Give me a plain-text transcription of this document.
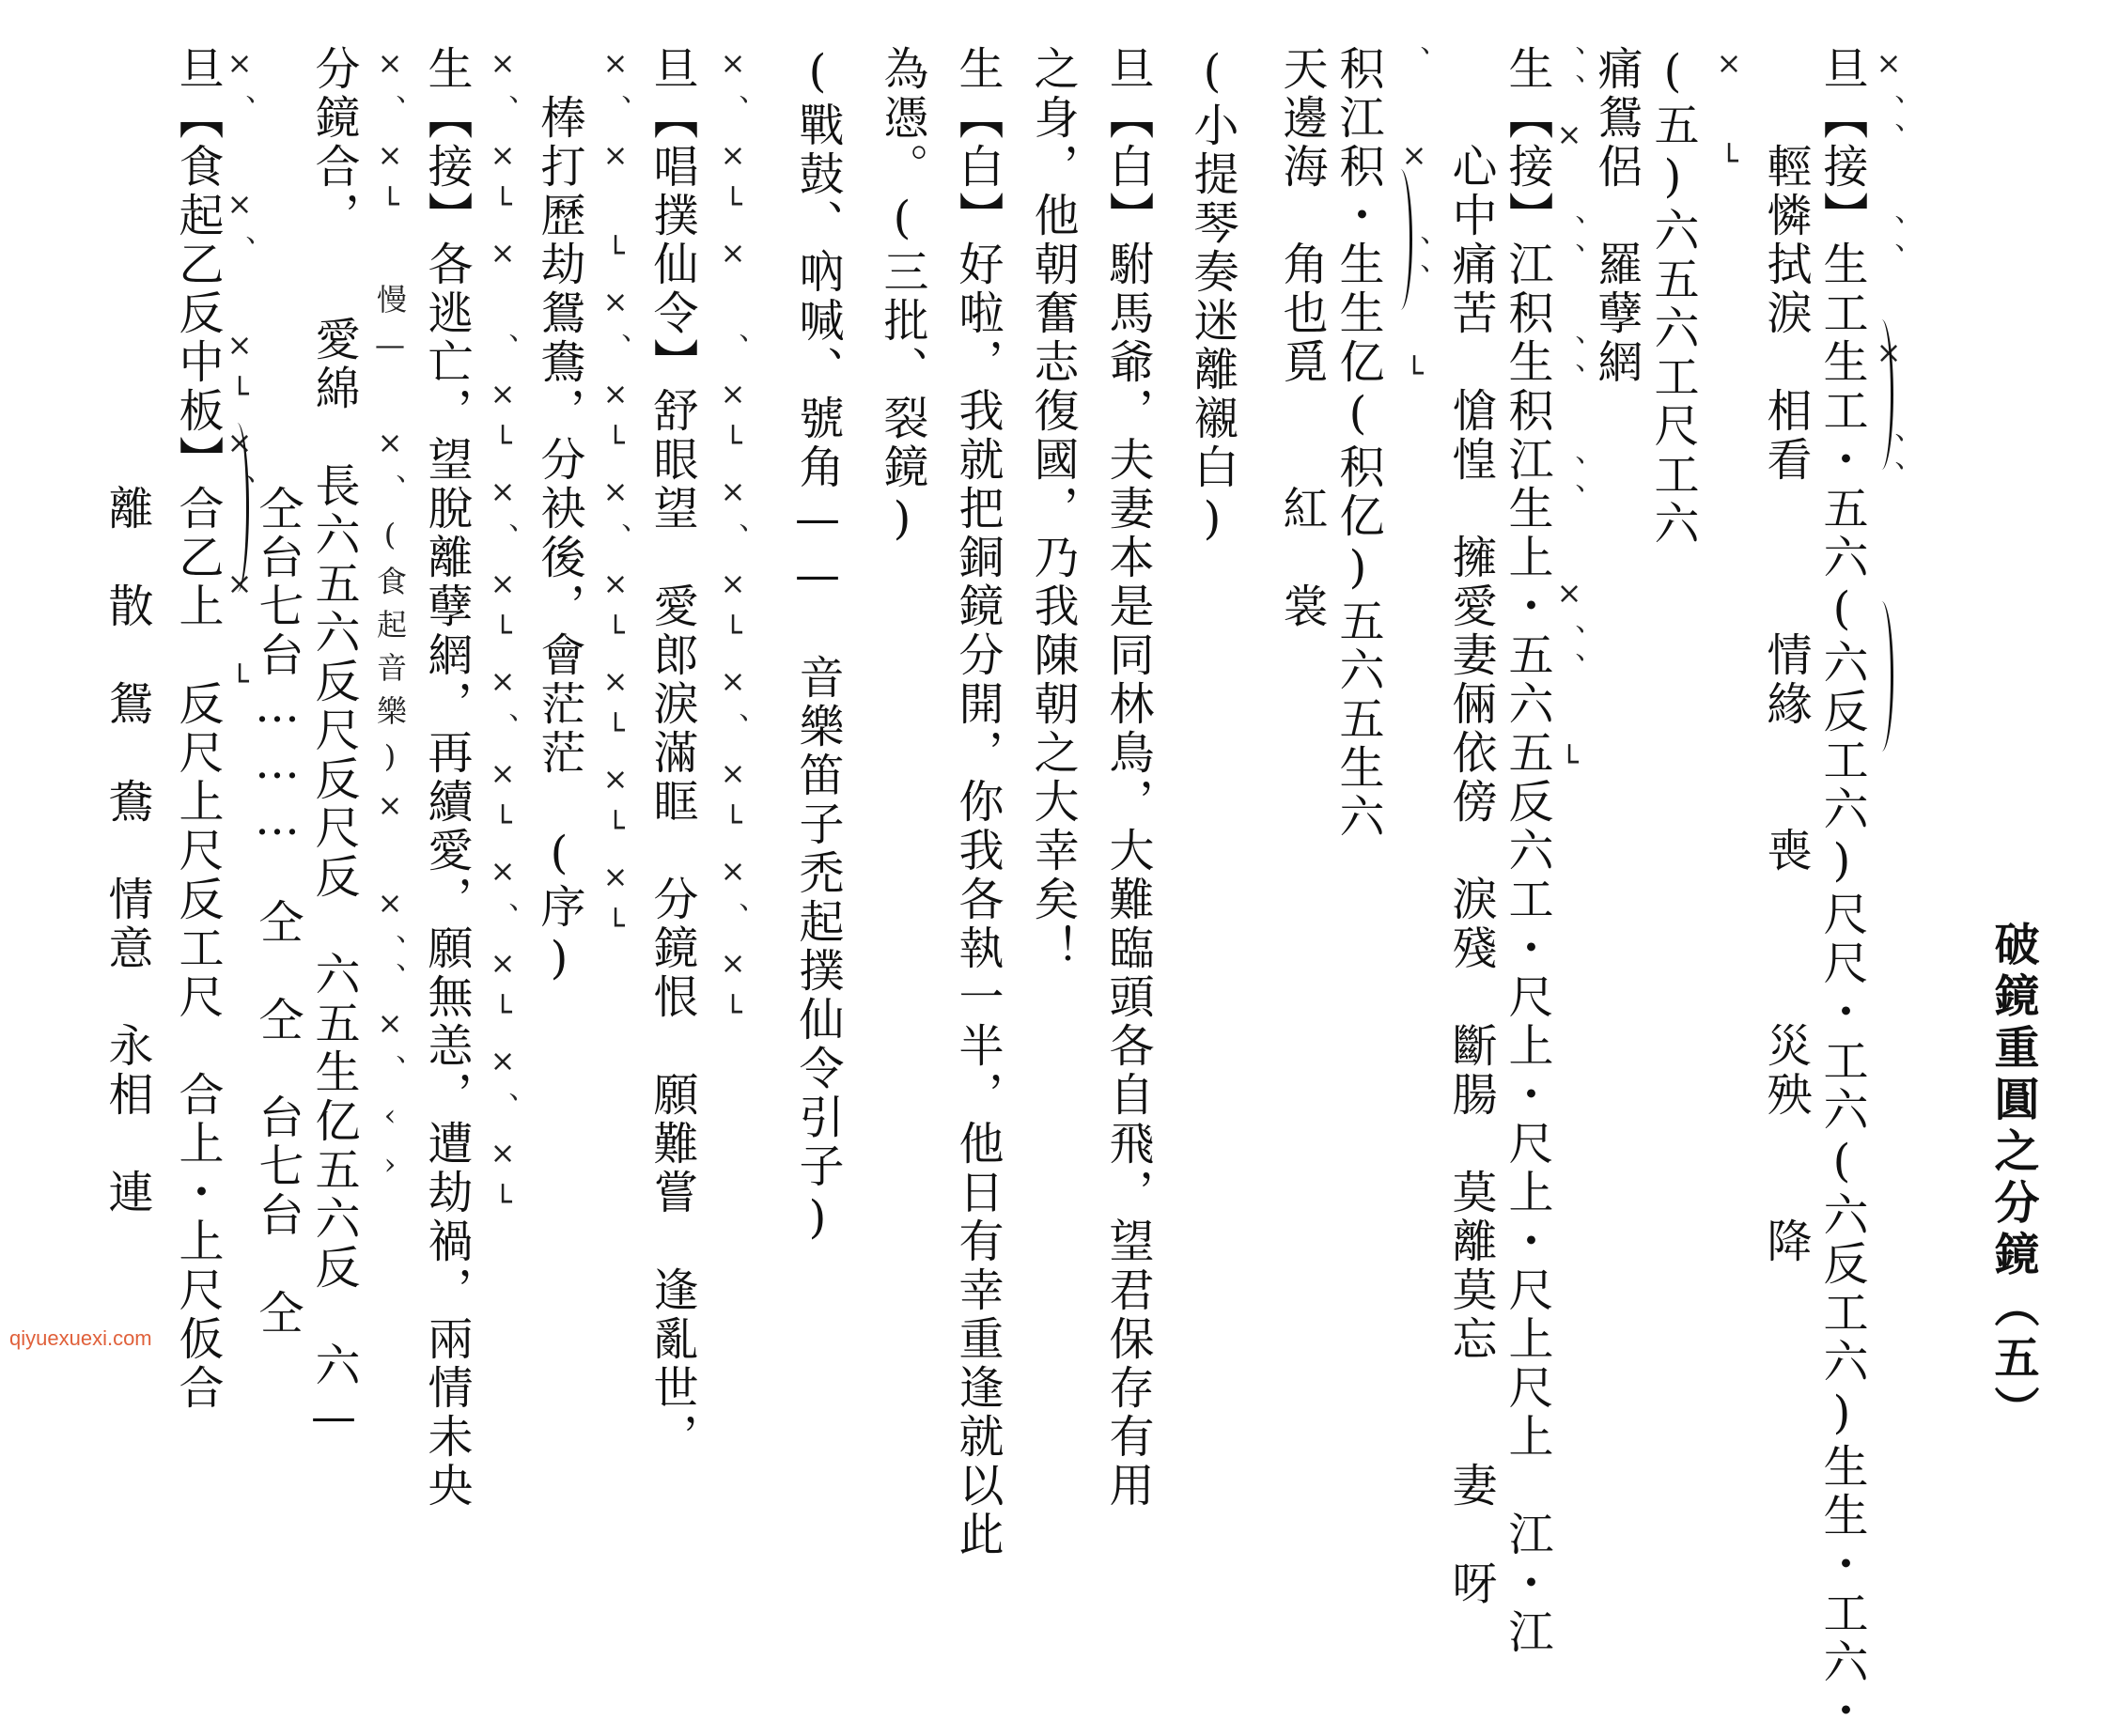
破鏡重圓之分鏡（五）
旦【接】生工生工・五六(六反工六)尺尺・工六(六反工六)生生・工六・ ×、、 、、 × 、、
　　輕憐拭淚　相看　　　情緣　　喪　　　災殃　　降
× └
(五)六五六工尺工六
痛鴛侶　羅孽網
生【接】江积生积江生上・五六五反六工・尺上・尺上・尺上尺上　江・江
、、× 、、 、、 、、 ×、、 └
　　心中痛苦　愴惶　擁愛妻倆依傍　淚殘　斷腸　莫離莫忘　　妻　呀
、 × 、、 └
积江积・生生亿(积亿)五六五生六
天邊海　角也覓　　紅　裳
(小提琴奏迷離襯白)
旦【白】駙馬爺，夫妻本是同林鳥，大難臨頭各自飛，望君保存有用
之身，他朝奮志復國，乃我陳朝之大幸矣！
生【白】好啦，我就把銅鏡分開，你我各執一半，他日有幸重逢就以此
為憑。(三批、裂鏡)
(戰鼓、吶喊、號角——　音樂笛子禿起撲仙令引子)
×、×└× 、×└×、×└×、×└×、×└
旦【唱撲仙令】舒眼望　愛郎淚滿眶　分鏡恨　願難嘗　逢亂世，
×、× └×、×└×、×└×└×└×└
　棒打歷劫鴛鴦，分袂後，會茫茫　(序)
×、×└× 、×└×、×└×、×└×、×└×、×└
生【接】各逃亡，望脫離孽網，再續愛，願無恙，遭劫禍，兩情未央
×、×└ 慢— ×、(食起音樂)× ×、、×、‹›
分鏡合，　　愛綿　長六五六反尺反尺反　六五生亿五六反　六—
　　　　　　　　　仝台七台………　仝　仝　台七台　仝
旦【食起乙反中板】合乙上　反尺上尺反工尺　合上・上尺仮合
×、 ×、 ×└×、 × └
　　　　　　　　　離　散　鴛　鴦　情意　永相　連
qiyuexuexi.com
